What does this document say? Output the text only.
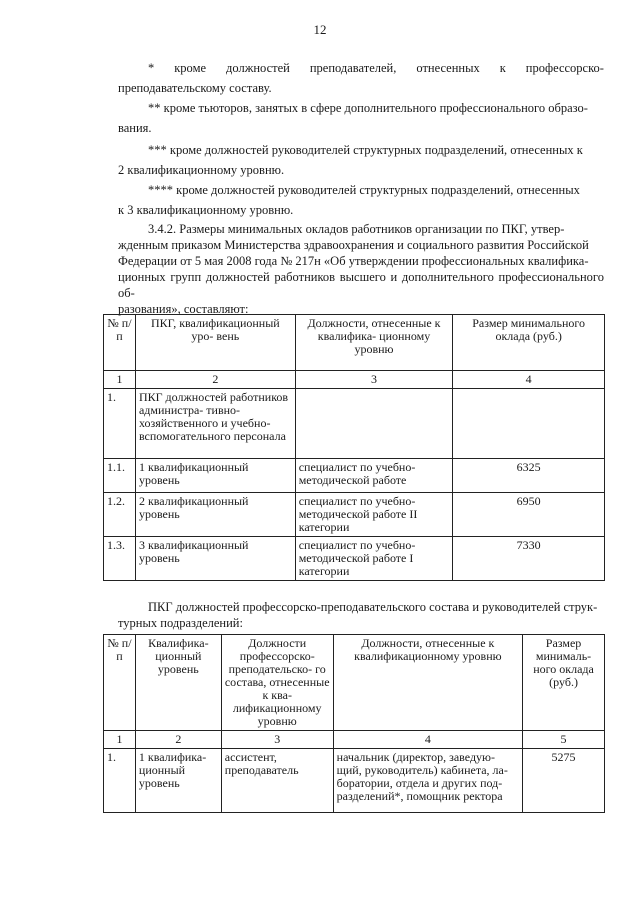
12
* кроме должностей преподавателей, отнесенных к профессорско-
преподавательскому составу.
** кроме тьюторов, занятых в сфере дополнительного профессионального образо-
вания.
*** кроме должностей руководителей структурных подразделений, отнесенных к
2 квалификационному уровню.
**** кроме должностей руководителей структурных подразделений, отнесенных
к 3 квалификационному уровню.
3.4.2. Размеры минимальных окладов работников организации по ПКГ, утвер-
жденным приказом Министерства здравоохранения и социального развития Российской
Федерации от 5 мая 2008 года № 217н «Об утверждении профессиональных квалифика-
ционных групп должностей работников высшего и дополнительного профессионального об-
разования», составляют:
№ п/п	ПКГ, квалификационный уро- вень	Должности, отнесенные к квалифика- ционному уровню	Размер минимального оклада (руб.)
1	2	3	4
1.	ПКГ должностей работников администра- тивно-хозяйственного и учебно-вспомогательного персонала		
1.1.	1 квалификационный уровень	специалист по учебно- методической работе	6325
1.2.	2 квалификационный уровень	специалист по учебно- методической работе II категории	6950
1.3.	3 квалификационный уровень	специалист по учебно- методической работе I категории	7330
ПКГ должностей профессорско-преподавательского состава и руководителей струк-
турных подразделений:
№ п/п	Квалифика- ционный уровень	Должности профессорско- преподательско- го состава, отнесенные к ква- лификационному уровню	Должности, отнесенные к квалификационному уровню	Размер минималь- ного оклада (руб.)
1	2	3	4	5
1.	1 квалифика- ционный уровень	ассистент, преподаватель	начальник (директор, заведую- щий, руководитель) кабинета, ла- боратории, отдела и других под- разделений*, помощник ректора	5275
